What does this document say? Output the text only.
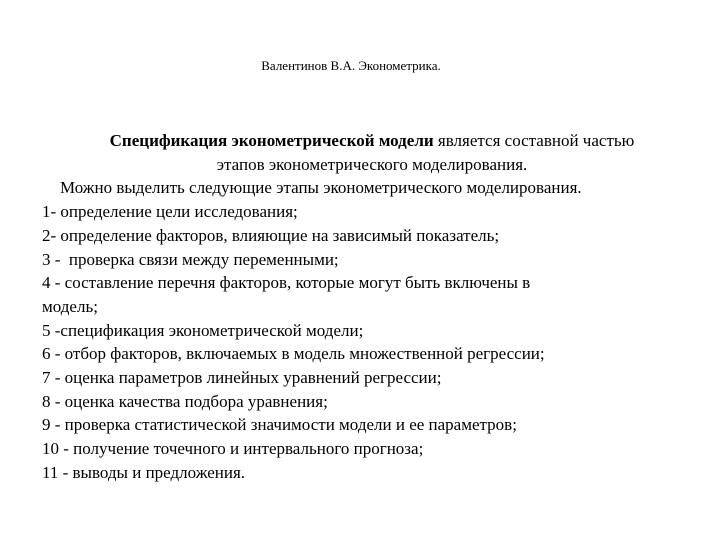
Валентинов В.А. Эконометрика.
Спецификация эконометрической модели является составной частью
этапов эконометрического моделирования.
Можно выделить следующие этапы эконометрического моделирования.
1- определение цели исследования;
2- определение факторов, влияющие на зависимый показатель;
3 -  проверка связи между переменными;
4 - составление перечня факторов, которые могут быть включены в
модель;
5 -спецификация эконометрической модели;
6 - отбор факторов, включаемых в модель множественной регрессии;
7 - оценка параметров линейных уравнений регрессии;
8 - оценка качества подбора уравнения;
9 - проверка статистической значимости модели и ее параметров;
10 - получение точечного и интервального прогноза;
11 - выводы и предложения.
